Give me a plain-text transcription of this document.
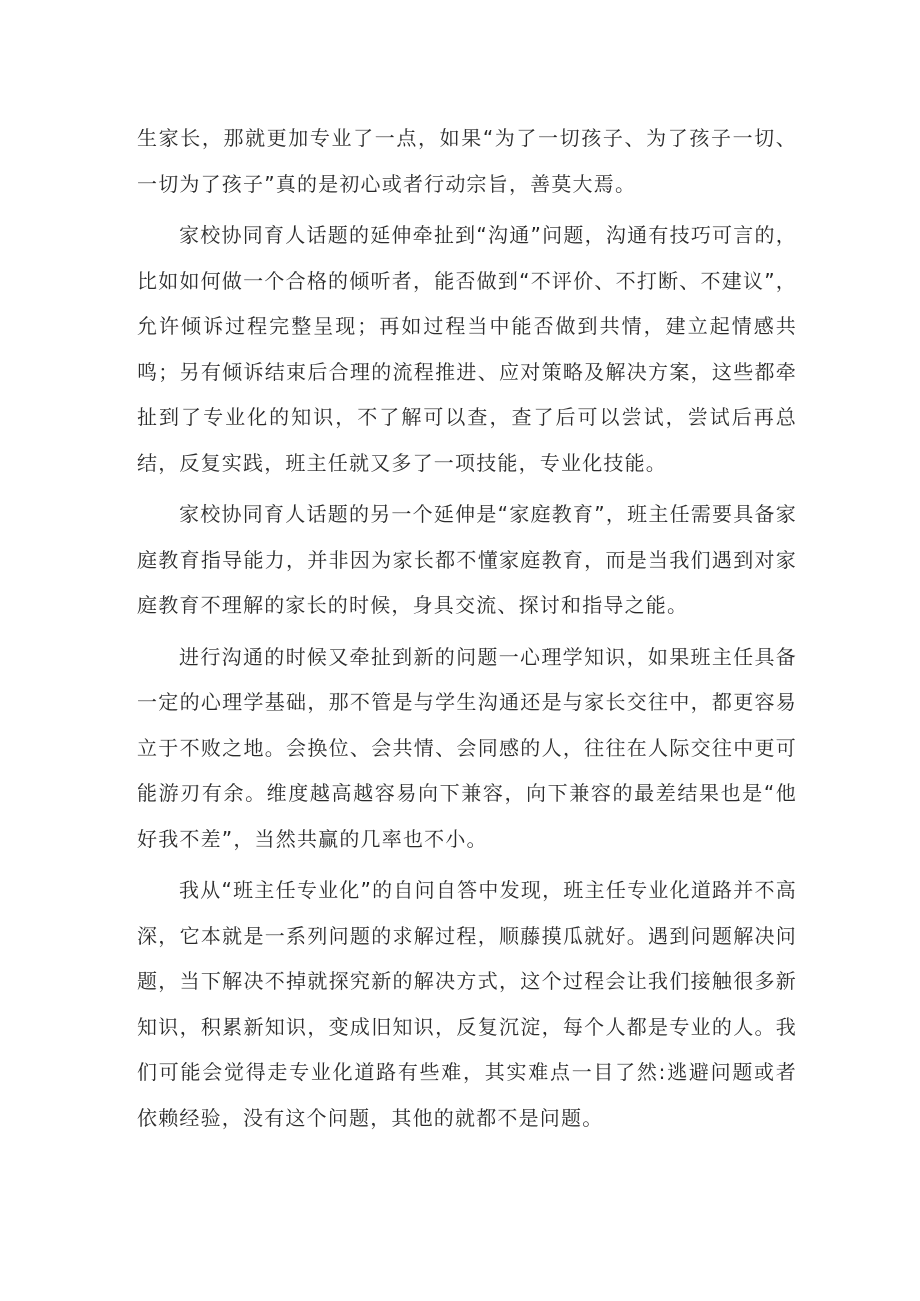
生家长，那就更加专业了一点，如果“为了一切孩子、为了孩子一切、一切为了孩子”真的是初心或者行动宗旨，善莫大焉。

家校协同育人话题的延伸牵扯到“沟通”问题，沟通有技巧可言的，比如如何做一个合格的倾听者，能否做到“不评价、不打断、不建议”，允许倾诉过程完整呈现；再如过程当中能否做到共情，建立起情感共鸣；另有倾诉结束后合理的流程推进、应对策略及解决方案，这些都牵扯到了专业化的知识，不了解可以查，查了后可以尝试，尝试后再总结，反复实践，班主任就又多了一项技能，专业化技能。

家校协同育人话题的另一个延伸是“家庭教育”，班主任需要具备家庭教育指导能力，并非因为家长都不懂家庭教育，而是当我们遇到对家庭教育不理解的家长的时候，身具交流、探讨和指导之能。

进行沟通的时候又牵扯到新的问题一心理学知识，如果班主任具备一定的心理学基础，那不管是与学生沟通还是与家长交往中，都更容易立于不败之地。会换位、会共情、会同感的人，往往在人际交往中更可能游刃有余。维度越高越容易向下兼容，向下兼容的最差结果也是“他好我不差”，当然共赢的几率也不小。

我从“班主任专业化”的自问自答中发现，班主任专业化道路并不高深，它本就是一系列问题的求解过程，顺藤摸瓜就好。遇到问题解决问题，当下解决不掉就探究新的解决方式，这个过程会让我们接触很多新知识，积累新知识，变成旧知识，反复沉淀，每个人都是专业的人。我们可能会觉得走专业化道路有些难，其实难点一目了然:逃避问题或者依赖经验，没有这个问题，其他的就都不是问题。
